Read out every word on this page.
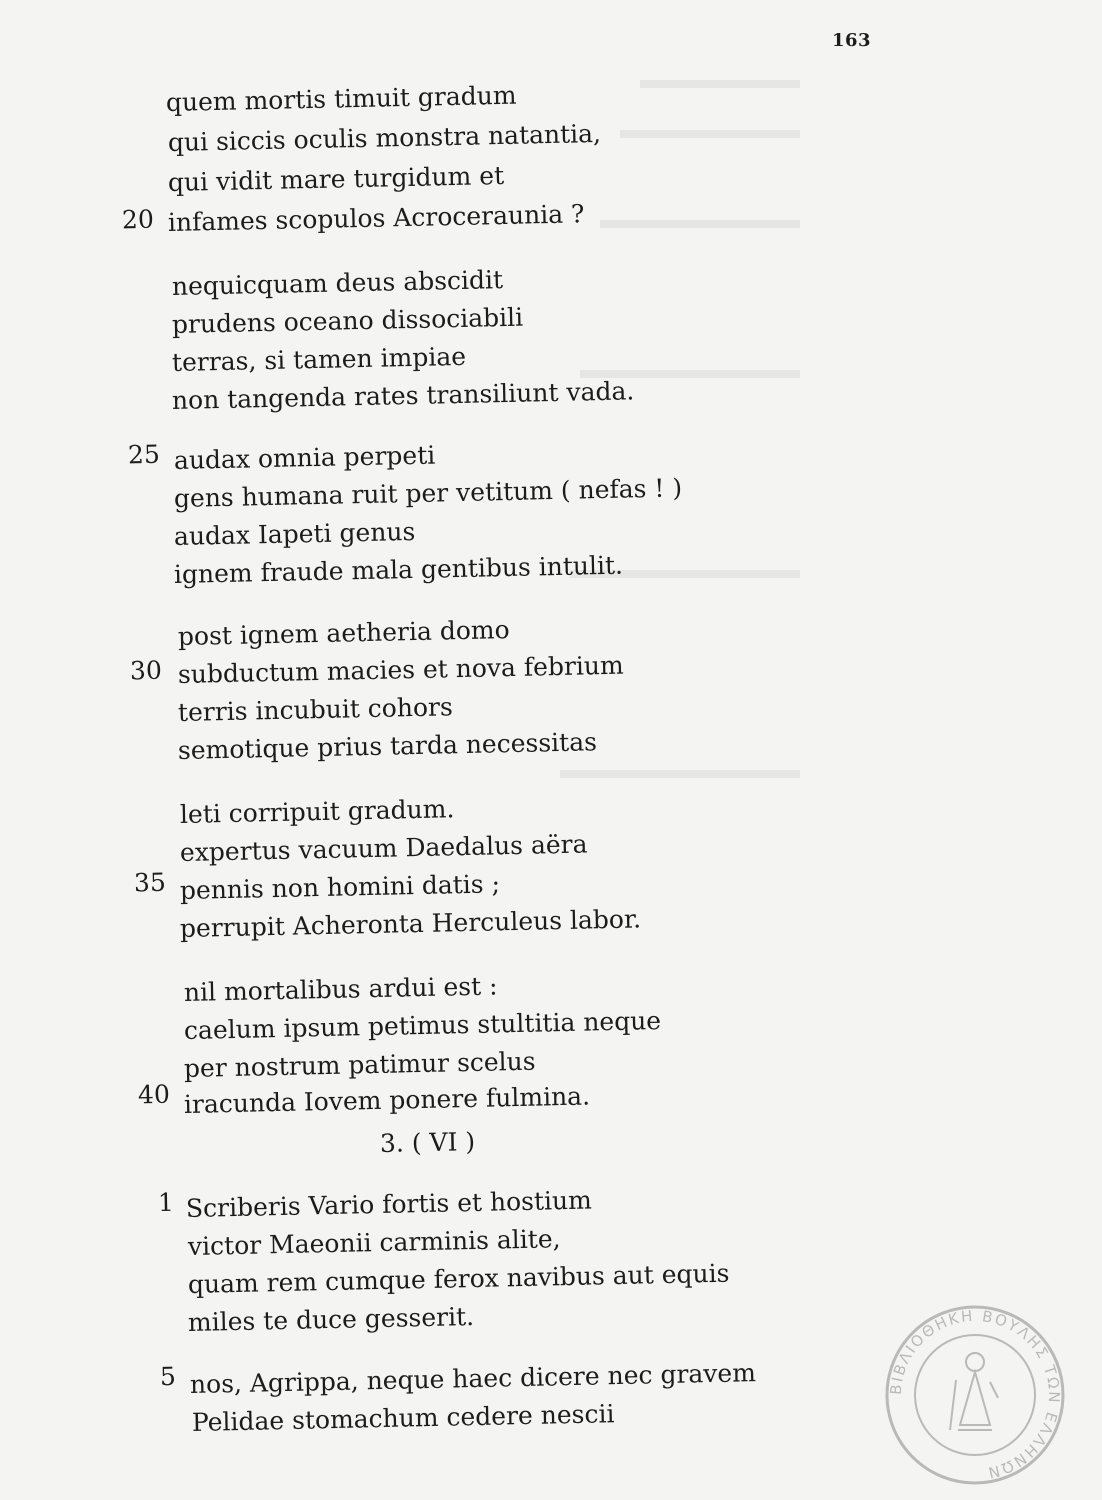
163
quem mortis timuit gradum
qui siccis oculis monstra natantia,
qui vidit mare turgidum et
20 infames scopulos Acroceraunia ?
nequicquam deus abscidit
prudens oceano dissociabili
terras, si tamen impiae
non tangenda rates transiliunt vada.
25 audax omnia perpeti
gens humana ruit per vetitum ( nefas ! )
audax Iapeti genus
ignem fraude mala gentibus intulit.
post ignem aetheria domo
30 subductum macies et nova febrium
terris incubuit cohors
semotique prius tarda necessitas
leti corripuit gradum.
expertus vacuum Daedalus aëra
35 pennis non homini datis ;
perrupit Acheronta Herculeus labor.
nil mortalibus ardui est :
caelum ipsum petimus stultitia neque
per nostrum patimur scelus
40 iracunda Iovem ponere fulmina.
3. ( VI )
1 Scriberis Vario fortis et hostium
victor Maeonii carminis alite,
quam rem cumque ferox navibus aut equis
miles te duce gesserit.
5 nos, Agrippa, neque haec dicere nec gravem
Pelidae stomachum cedere nescii
ΒΙΒΛΙΟΘΗΚΗ ΒΟΥΛΗΣ ΤΩΝ ΕΛΛΗΝΩΝ
